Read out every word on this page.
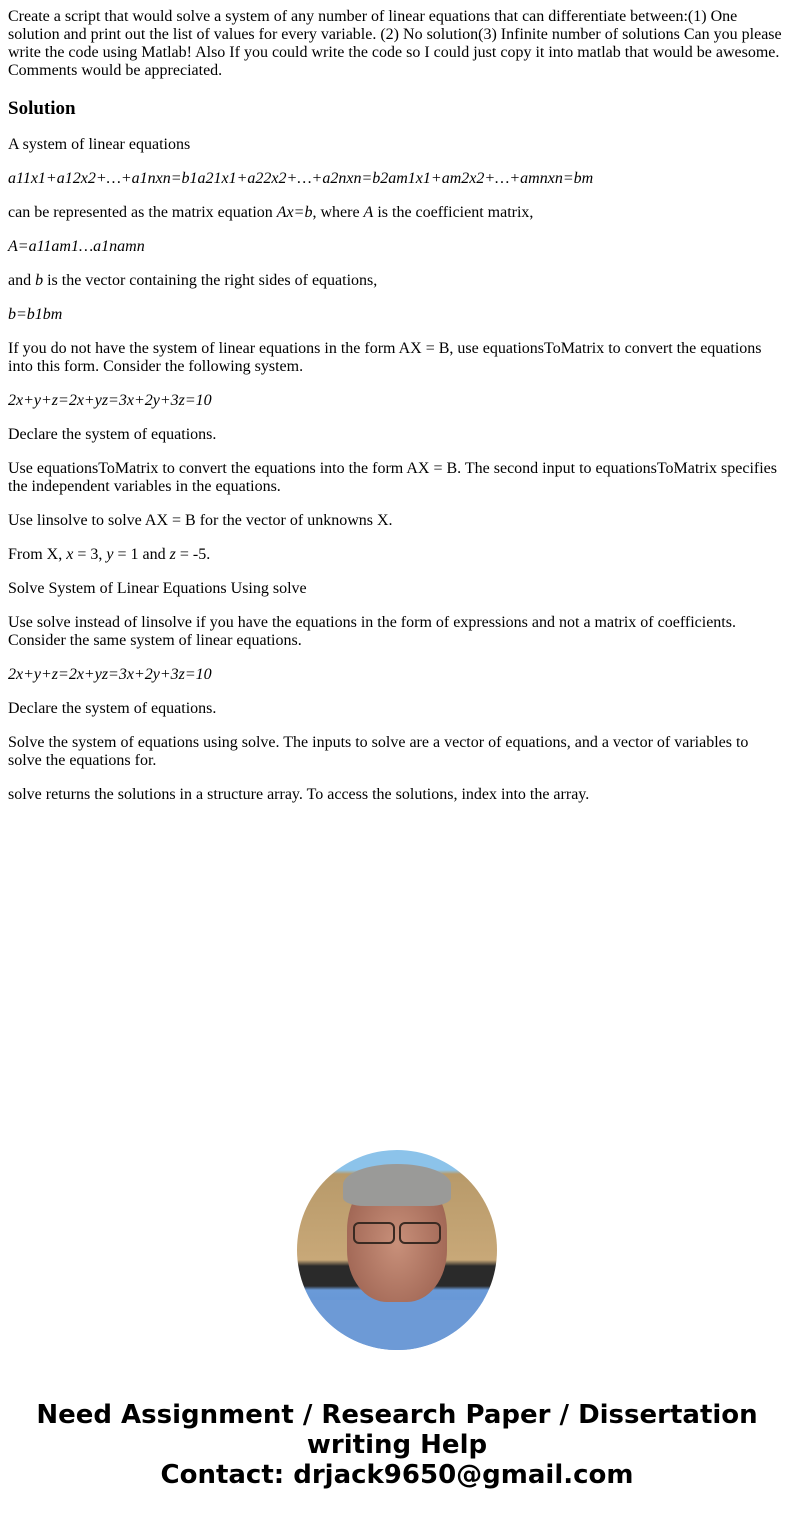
Create a script that would solve a system of any number of linear equations that can differentiate between:(1) One solution and print out the list of values for every variable. (2) No solution(3) Infinite number of solutions Can you please write the code using Matlab! Also If you could write the code so I could just copy it into matlab that would be awesome. Comments would be appreciated.

Solution

A system of linear equations

a11x1+a12x2+…+a1nxn=b1a21x1+a22x2+…+a2nxn=b2am1x1+am2x2+…+amnxn=bm

can be represented as the matrix equation Ax=b, where A is the coefficient matrix,

A=a11am1…a1namn

and b is the vector containing the right sides of equations,

b=b1bm

If you do not have the system of linear equations in the form AX = B, use equationsToMatrix to convert the equations into this form. Consider the following system.

2x+y+z=2x+yz=3x+2y+3z=10

Declare the system of equations.

Use equationsToMatrix to convert the equations into the form AX = B. The second input to equationsToMatrix specifies the independent variables in the equations.

Use linsolve to solve AX = B for the vector of unknowns X.

From X, x = 3, y = 1 and z = -5.

Solve System of Linear Equations Using solve

Use solve instead of linsolve if you have the equations in the form of expressions and not a matrix of coefficients. Consider the same system of linear equations.

2x+y+z=2x+yz=3x+2y+3z=10

Declare the system of equations.

Solve the system of equations using solve. The inputs to solve are a vector of equations, and a vector of variables to solve the equations for.

solve returns the solutions in a structure array. To access the solutions, index into the array.

Need Assignment / Research Paper / Dissertation writing Help
Contact: drjack9650@gmail.com
